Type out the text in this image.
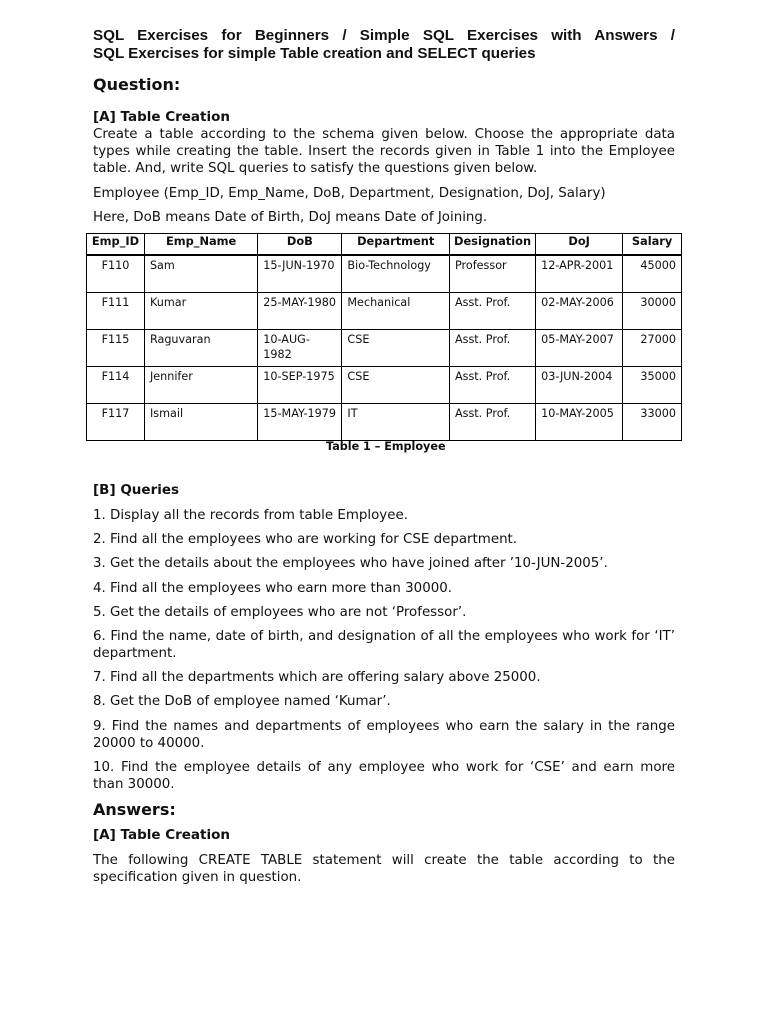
SQL Exercises for Beginners / Simple SQL Exercises with Answers /
SQL Exercises for simple Table creation and SELECT queries
Question:
[A] Table Creation

Create a table according to the schema given below. Choose the appropriate data types while creating the table. Insert the records given in Table 1 into the Employee table. And, write SQL queries to satisfy the questions given below.

Employee (Emp_ID, Emp_Name, DoB, Department, Designation, DoJ, Salary)

Here, DoB means Date of Birth, DoJ means Date of Joining.

Emp_ID	Emp_Name	DoB	Department	Designation	DoJ	Salary
F110	Sam	15-JUN-1970	Bio-Technology	Professor	12-APR-2001	45000
F111	Kumar	25-MAY-1980	Mechanical	Asst. Prof.	02-MAY-2006	30000
F115	Raguvaran	10-AUG-1982	CSE	Asst. Prof.	05-MAY-2007	27000
F114	Jennifer	10-SEP-1975	CSE	Asst. Prof.	03-JUN-2004	35000
F117	Ismail	15-MAY-1979	IT	Asst. Prof.	10-MAY-2005	33000

Table 1 – Employee

[B] Queries
1. Display all the records from table Employee.
2. Find all the employees who are working for CSE department.
3. Get the details about the employees who have joined after ’10-JUN-2005’.
4. Find all the employees who earn more than 30000.
5. Get the details of employees who are not ‘Professor’.
6. Find the name, date of birth, and designation of all the employees who work for ‘IT’ department.
7. Find all the departments which are offering salary above 25000.
8. Get the DoB of employee named ‘Kumar’.
9. Find the names and departments of employees who earn the salary in the range 20000 to 40000.
10. Find the employee details of any employee who work for ‘CSE’ and earn more than 30000.
Answers:
[A] Table Creation

The following CREATE TABLE statement will create the table according to the specification given in question.
